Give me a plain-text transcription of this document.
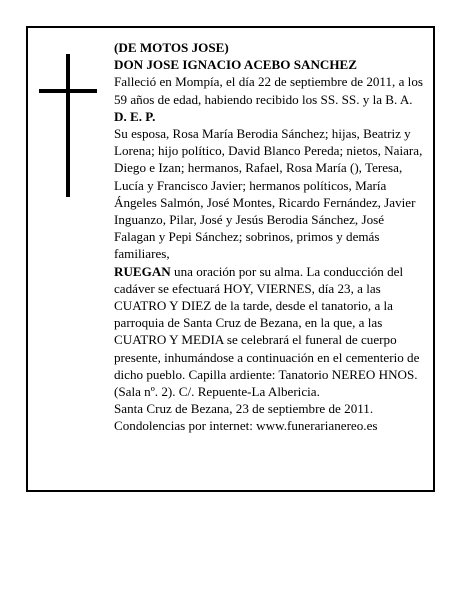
(DE MOTOS JOSE)

DON JOSE IGNACIO ACEBO SANCHEZ

Falleció en Mompía, el día 22 de septiembre de 2011, a los 59 años de edad, habiendo recibido los SS. SS. y la B. A.

D. E. P.

Su esposa, Rosa María Berodia Sánchez; hijas, Beatriz y Lorena; hijo político, David Blanco Pereda; nietos, Naiara, Diego e Izan; hermanos, Rafael, Rosa María (), Teresa, Lucía y Francisco Javier; hermanos políticos, María Ángeles Salmón, José Montes, Ricardo Fernández, Javier Inguanzo, Pilar, José y Jesús Berodia Sánchez, José Falagan y Pepi Sánchez; sobrinos, primos y demás familiares,

RUEGAN una oración por su alma. La conducción del cadáver se efectuará HOY, VIERNES, día 23, a las CUATRO Y DIEZ de la tarde, desde el tanatorio, a la parroquia de Santa Cruz de Bezana, en la que, a las CUATRO Y MEDIA se celebrará el funeral de cuerpo presente, inhumándose a continuación en el cementerio de dicho pueblo. Capilla ardiente: Tanatorio NEREO HNOS. (Sala nº. 2). C/. Repuente-La Albericia.

Santa Cruz de Bezana, 23 de septiembre de 2011.

Condolencias por internet: www.funerarianereo.es
